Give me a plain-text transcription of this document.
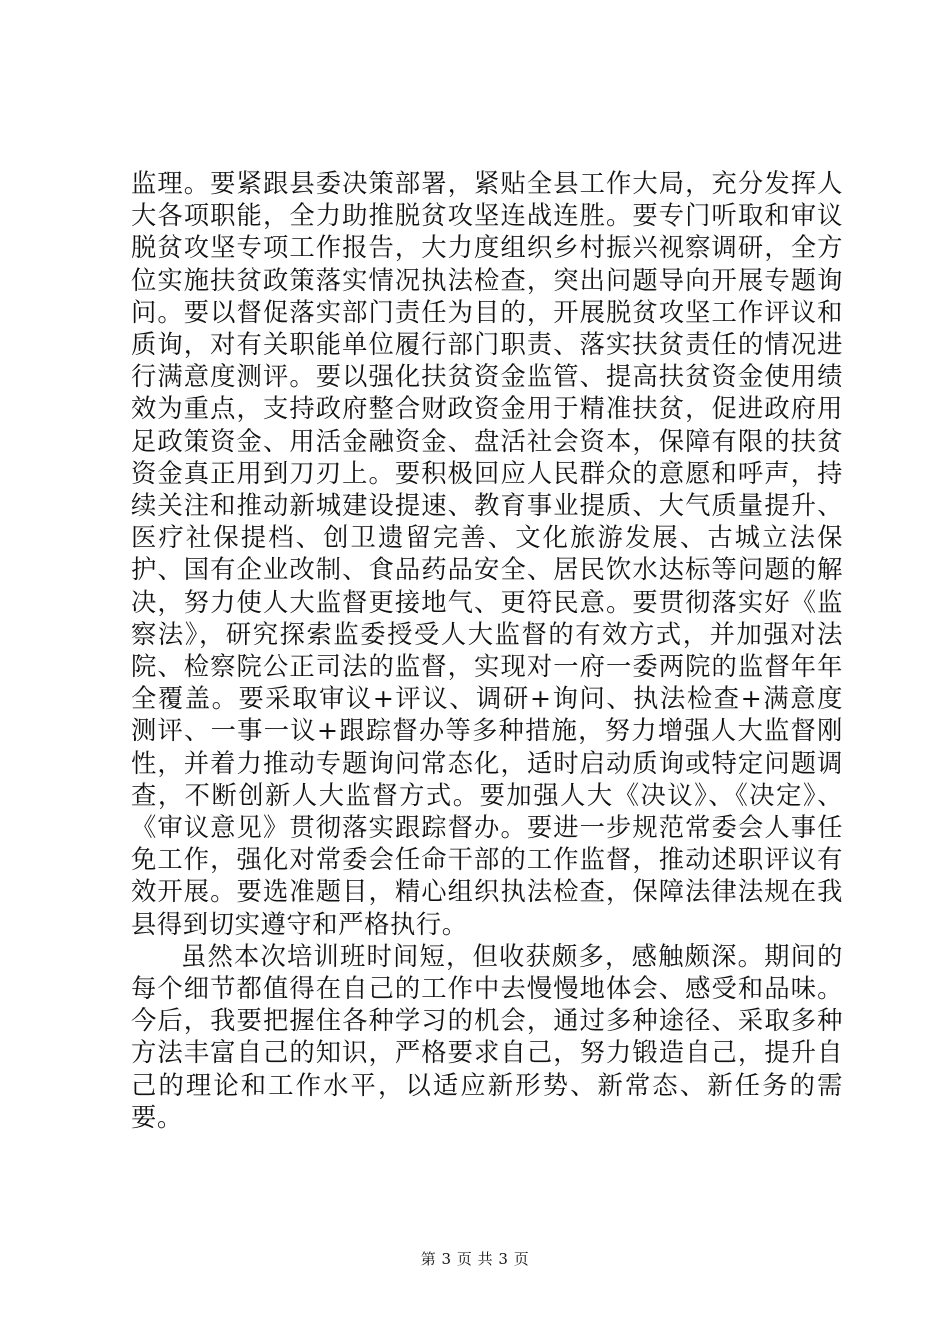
监理。要紧跟县委决策部署，紧贴全县工作大局，充分发挥人大各项职能，全力助推脱贫攻坚连战连胜。要专门听取和审议脱贫攻坚专项工作报告，大力度组织乡村振兴视察调研，全方位实施扶贫政策落实情况执法检查，突出问题导向开展专题询问。要以督促落实部门责任为目的，开展脱贫攻坚工作评议和质询，对有关职能单位履行部门职责、落实扶贫责任的情况进行满意度测评。要以强化扶贫资金监管、提高扶贫资金使用绩效为重点，支持政府整合财政资金用于精准扶贫，促进政府用足政策资金、用活金融资金、盘活社会资本，保障有限的扶贫资金真正用到刀刃上。要积极回应人民群众的意愿和呼声，持续关注和推动新城建设提速、教育事业提质、大气质量提升、医疗社保提档、创卫遗留完善、文化旅游发展、古城立法保护、国有企业改制、食品药品安全、居民饮水达标等问题的解决，努力使人大监督更接地气、更符民意。要贯彻落实好《监察法》，研究探索监委授受人大监督的有效方式，并加强对法院、检察院公正司法的监督，实现对一府一委两院的监督年年全覆盖。要采取审议+评议、调研+询问、执法检查+满意度测评、一事一议+跟踪督办等多种措施，努力增强人大监督刚性，并着力推动专题询问常态化，适时启动质询或特定问题调查，不断创新人大监督方式。要加强人大《决议》、《决定》、《审议意见》贯彻落实跟踪督办。要进一步规范常委会人事任免工作，强化对常委会任命干部的工作监督，推动述职评议有效开展。要选准题目，精心组织执法检查，保障法律法规在我县得到切实遵守和严格执行。

虽然本次培训班时间短，但收获颇多，感触颇深。期间的每个细节都值得在自己的工作中去慢慢地体会、感受和品味。今后，我要把握住各种学习的机会，通过多种途径、采取多种方法丰富自己的知识，严格要求自己，努力锻造自己，提升自己的理论和工作水平，以适应新形势、新常态、新任务的需要。

第 3 页 共 3 页
